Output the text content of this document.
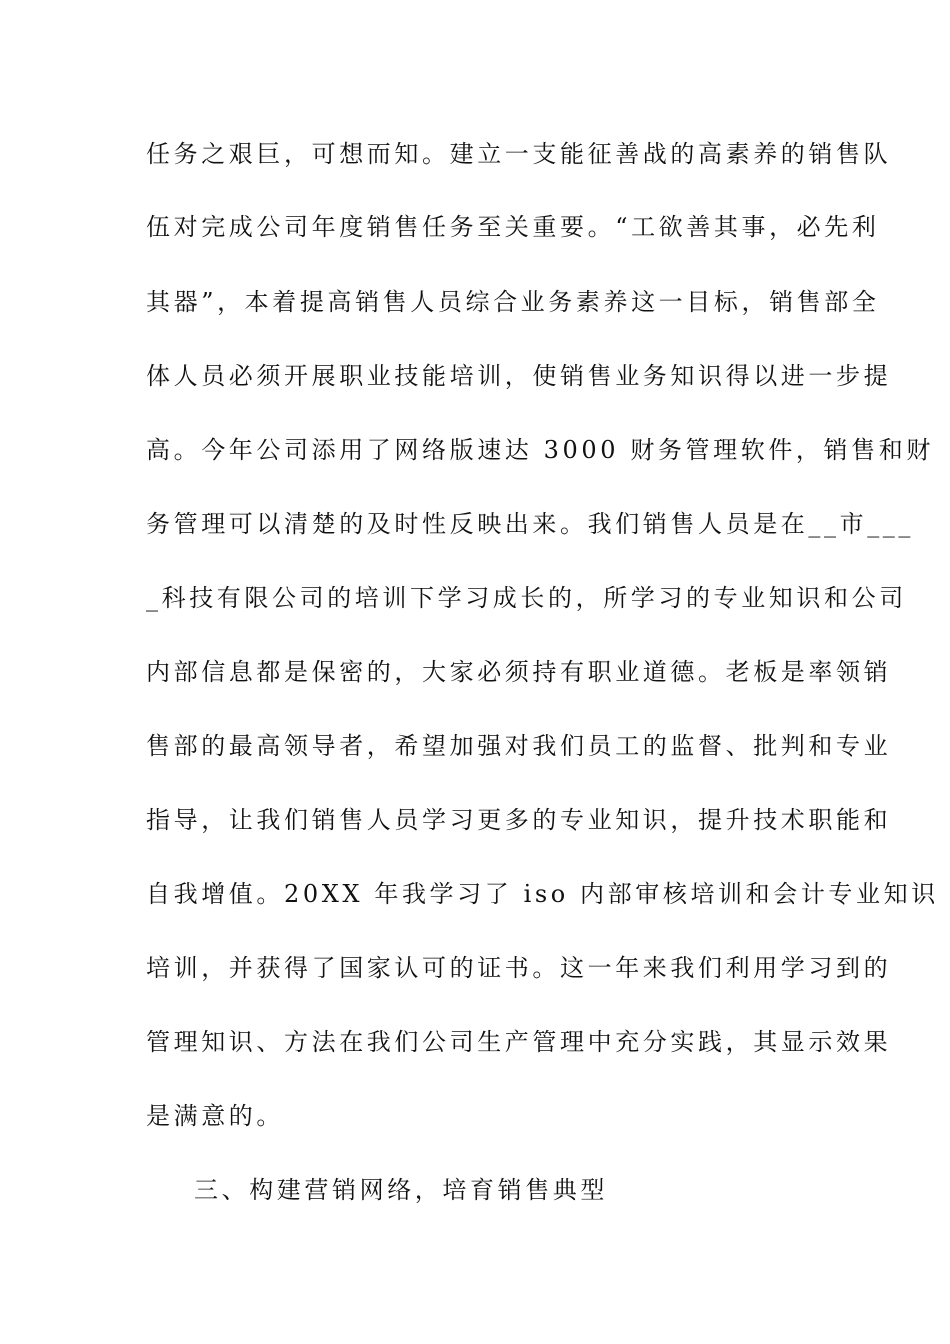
任务之艰巨，可想而知。建立一支能征善战的高素养的销售队
伍对完成公司年度销售任务至关重要。“工欲善其事，必先利
其器”，本着提高销售人员综合业务素养这一目标，销售部全
体人员必须开展职业技能培训，使销售业务知识得以进一步提
高。今年公司添用了网络版速达 3000 财务管理软件，销售和财
务管理可以清楚的及时性反映出来。我们销售人员是在__市___
_科技有限公司的培训下学习成长的，所学习的专业知识和公司
内部信息都是保密的，大家必须持有职业道德。老板是率领销
售部的最高领导者，希望加强对我们员工的监督、批判和专业
指导，让我们销售人员学习更多的专业知识，提升技术职能和
自我增值。20XX 年我学习了 iso 内部审核培训和会计专业知识
培训，并获得了国家认可的证书。这一年来我们利用学习到的
管理知识、方法在我们公司生产管理中充分实践，其显示效果
是满意的。
三、构建营销网络，培育销售典型
